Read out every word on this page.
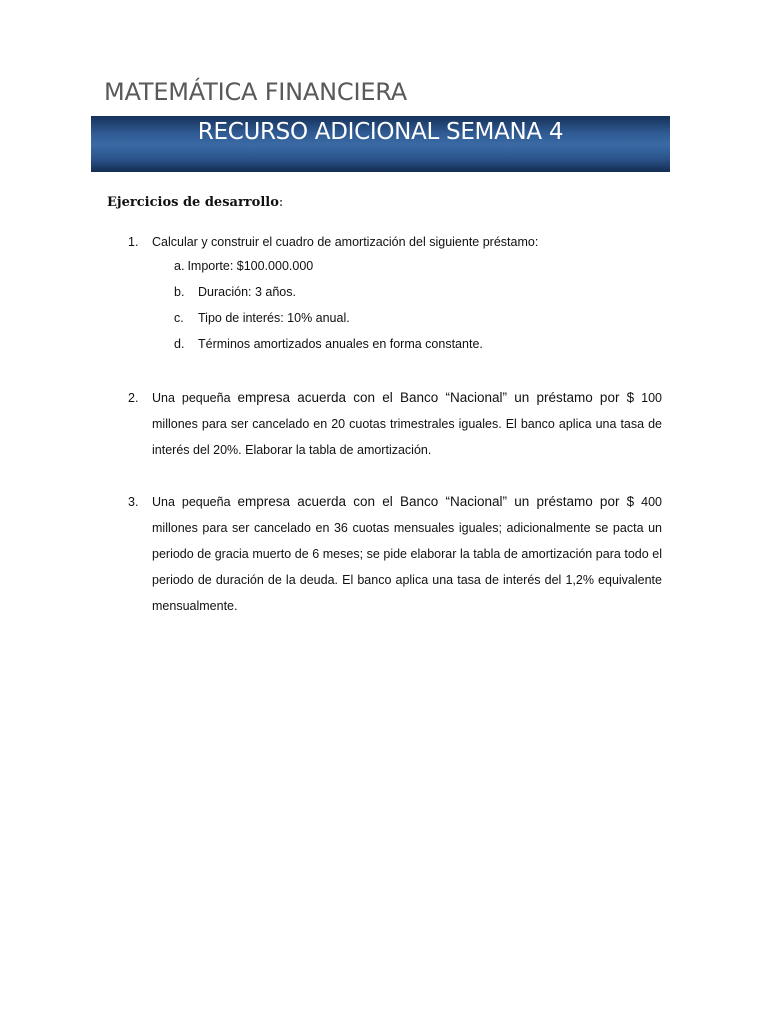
MATEMÁTICA FINANCIERA
RECURSO ADICIONAL SEMANA 4
Ejercicios de desarrollo:
1.	Calcular y construir el cuadro de amortización del siguiente préstamo:
a. Importe: $100.000.000
b. Duración: 3 años.
c. Tipo de interés: 10% anual.
d. Términos amortizados anuales en forma constante.
2.	Una pequeña empresa acuerda con el Banco “Nacional” un préstamo por $ 100 millones para ser cancelado en 20 cuotas trimestrales iguales. El banco aplica una tasa de interés del 20%. Elaborar la tabla de amortización.
3.	Una pequeña empresa acuerda con el Banco “Nacional” un préstamo por $ 400 millones para ser cancelado en 36 cuotas mensuales iguales; adicionalmente se pacta un periodo de gracia muerto de 6 meses; se pide elaborar la tabla de amortización para todo el periodo de duración de la deuda. El banco aplica una tasa de interés del 1,2% equivalente mensualmente.
